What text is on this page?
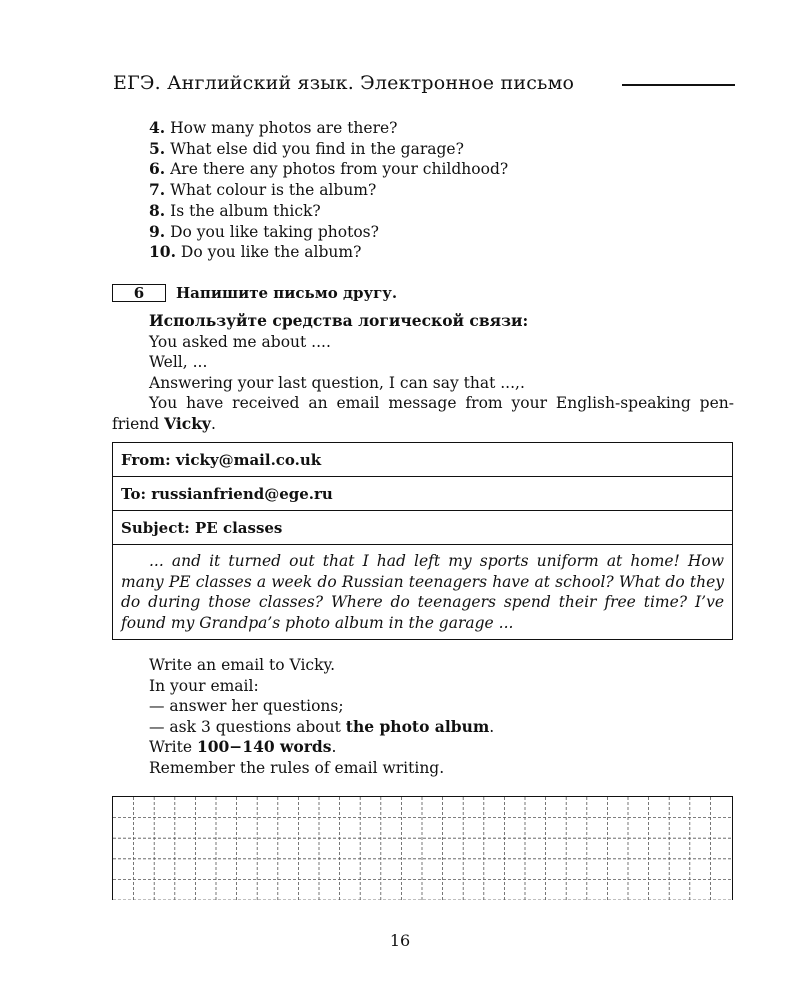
ЕГЭ. Английский язык. Электронное письмо
4. How many photos are there?
5. What else did you find in the garage?
6. Are there any photos from your childhood?
7. What colour is the album?
8. Is the album thick?
9. Do you like taking photos?
10. Do you like the album?
6	Напишите письмо другу.
Используйте средства логической связи:
You asked me about ....
Well, ...
Answering your last question, I can say that ...,.

You have received an email message from your English-speaking pen-friend Vicky.

From: vicky@mail.co.uk
To: russianfriend@ege.ru
Subject: PE classes
... and it turned out that I had left my sports uniform at home! How many PE classes a week do Russian teenagers have at school? What do they do during those classes? Where do teenagers spend their free time? I’ve found my Grandpa’s photo album in the garage ...
Write an email to Vicky.
In your email:
— answer her questions;
— ask 3 questions about the photo album.
Write 100−140 words.
Remember the rules of email writing.
16
